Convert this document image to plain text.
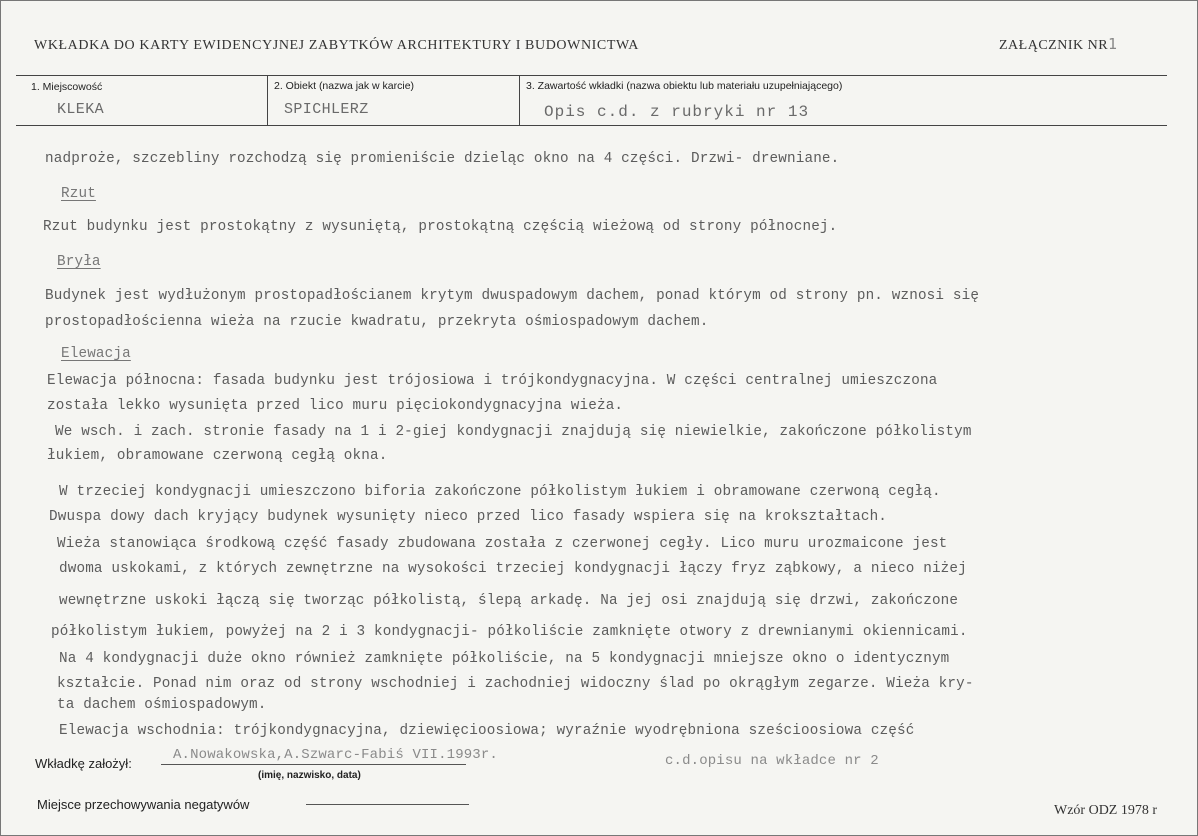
WKŁADKA DO KARTY EWIDENCYJNEJ ZABYTKÓW ARCHITEKTURY I BUDOWNICTWA	ZAŁĄCZNIK NR1
1. Miejscowość
KLEKA
2. Obiekt (nazwa jak w karcie)
SPICHLERZ
3. Zawartość wkładki (nazwa obiektu lub materiału uzupełniającego)
Opis c.d. z rubryki nr 13
nadproże, szczebliny rozchodzą się promieniście dzieląc okno na 4 części. Drzwi- drewniane.
Rzut
Rzut budynku jest prostokątny z wysuniętą, prostokątną częścią wieżową od strony północnej.
Bryła
Budynek jest wydłużonym prostopadłościanem krytym dwuspadowym dachem, ponad którym od strony pn. wznosi się
prostopadłościenna wieża na rzucie kwadratu, przekryta ośmiospadowym dachem.
Elewacja
Elewacja północna: fasada budynku jest trójosiowa i trójkondygnacyjna. W części centralnej umieszczona
została lekko wysunięta przed lico muru pięciokondygnacyjna wieża.
We wsch. i zach. stronie fasady na 1 i 2-giej kondygnacji znajdują się niewielkie, zakończone półkolistym
łukiem, obramowane czerwoną cegłą okna.
W trzeciej kondygnacji umieszczono biforia zakończone półkolistym łukiem i obramowane czerwoną cegłą.
Dwuspa dowy dach kryjący budynek wysunięty nieco przed lico fasady wspiera się na krokształtach.
Wieża stanowiąca środkową część fasady zbudowana została z czerwonej cegły. Lico muru urozmaicone jest
dwoma uskokami, z których zewnętrzne na wysokości trzeciej kondygnacji łączy fryz ząbkowy, a nieco niżej
wewnętrzne uskoki łączą się tworząc półkolistą, ślepą arkadę. Na jej osi znajdują się drzwi, zakończone
półkolistym łukiem, powyżej na 2 i 3 kondygnacji- półkoliście zamknięte otwory z drewnianymi okiennicami.
Na 4 kondygnacji duże okno również zamknięte półkoliście, na 5 kondygnacji mniejsze okno o identycznym
kształcie. Ponad nim oraz od strony wschodniej i zachodniej widoczny ślad po okrągłym zegarze. Wieża kry-
ta dachem ośmiospadowym.
Elewacja wschodnia: trójkondygnacyjna, dziewięcioosiowa; wyraźnie wyodrębniona sześcioosiowa część
Wkładkę założył:
A.Nowakowska,A.Szwarc-Fabiś VII.1993r.
(imię, nazwisko, data)
c.d.opisu na wkładce nr 2
Miejsce przechowywania negatywów	Wzór ODZ 1978 r
